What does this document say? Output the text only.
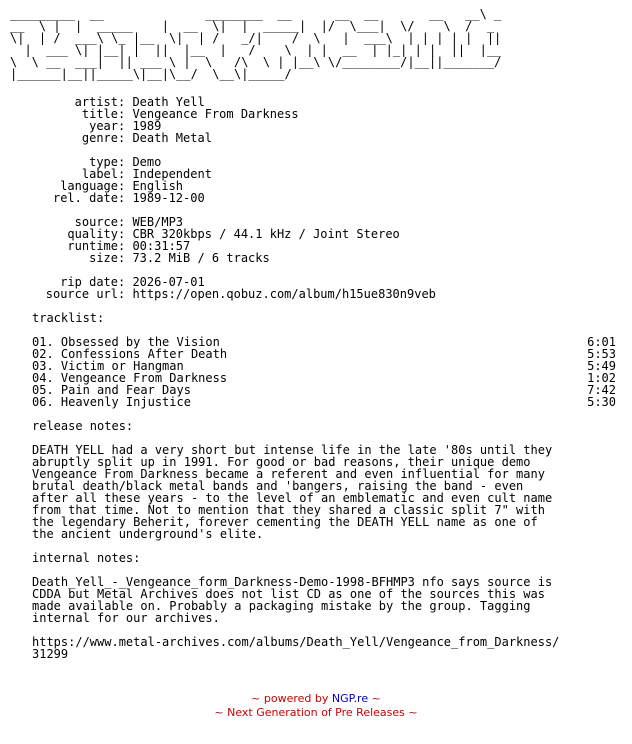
_________  __              ________  __      __  __       __   __\ _
__  \ |  |  _____    |  __  \|  |  _____|  |/  \___|  \/    \  /  _
\|  | /  ___\ \_ |__  \|  | /   _/|    /  \   |  ___\  | | | | |  ||
|  ___ \| |__| |  ||  |__  |   /    \  | |  __  | |_| | |  ||  |__
\  \ __  ___|  || ___ \ |  \   /\  \ | |__\ \/________/|__||_______/
|______|__||_____\|__|\__/  \__\|_____/
artist : Death Yell
title : Vengeance From Darkness
year : 1989
genre : Death Metal
type : Demo
label : Independent
language : English
rel. date : 1989-12-00
source : WEB/MP3
quality : CBR 320kbps / 44.1 kHz / Joint Stereo
runtime : 00:31:57
size : 73.2 MiB / 6 tracks
rip date : 2026-07-01
source url : https://open.qobuz.com/album/h15ue830n9veb
tracklist:
01. Obsessed by the Vision	6:01
02. Confessions After Death	5:53
03. Victim or Hangman	5:49
04. Vengeance From Darkness	1:02
05. Pain and Fear Days	7:42
06. Heavenly Injustice	5:30
release notes:
DEATH YELL had a very short but intense life in the late '80s until they
abruptly split up in 1991. For good or bad reasons, their unique demo
Vengeance From Darkness became a referent and even influential for many
brutal death/black metal bands and 'bangers, raising the band - even
after all these years - to the level of an emblematic and even cult name
from that time. Not to mention that they shared a classic split 7" with
the legendary Beherit, forever cementing the DEATH YELL name as one of
the ancient underground's elite.
internal notes:
Death_Yell_-_Vengeance_form_Darkness-Demo-1998-BFHMP3 nfo says source is
CDDA but Metal Archives does not list CD as one of the sources this was
made available on. Probably a packaging mistake by the group. Tagging
internal for our archives.
https://www.metal-archives.com/albums/Death_Yell/Vengeance_from_Darkness/
31299
~ powered by NGP.re ~
~ Next Generation of Pre Releases ~
